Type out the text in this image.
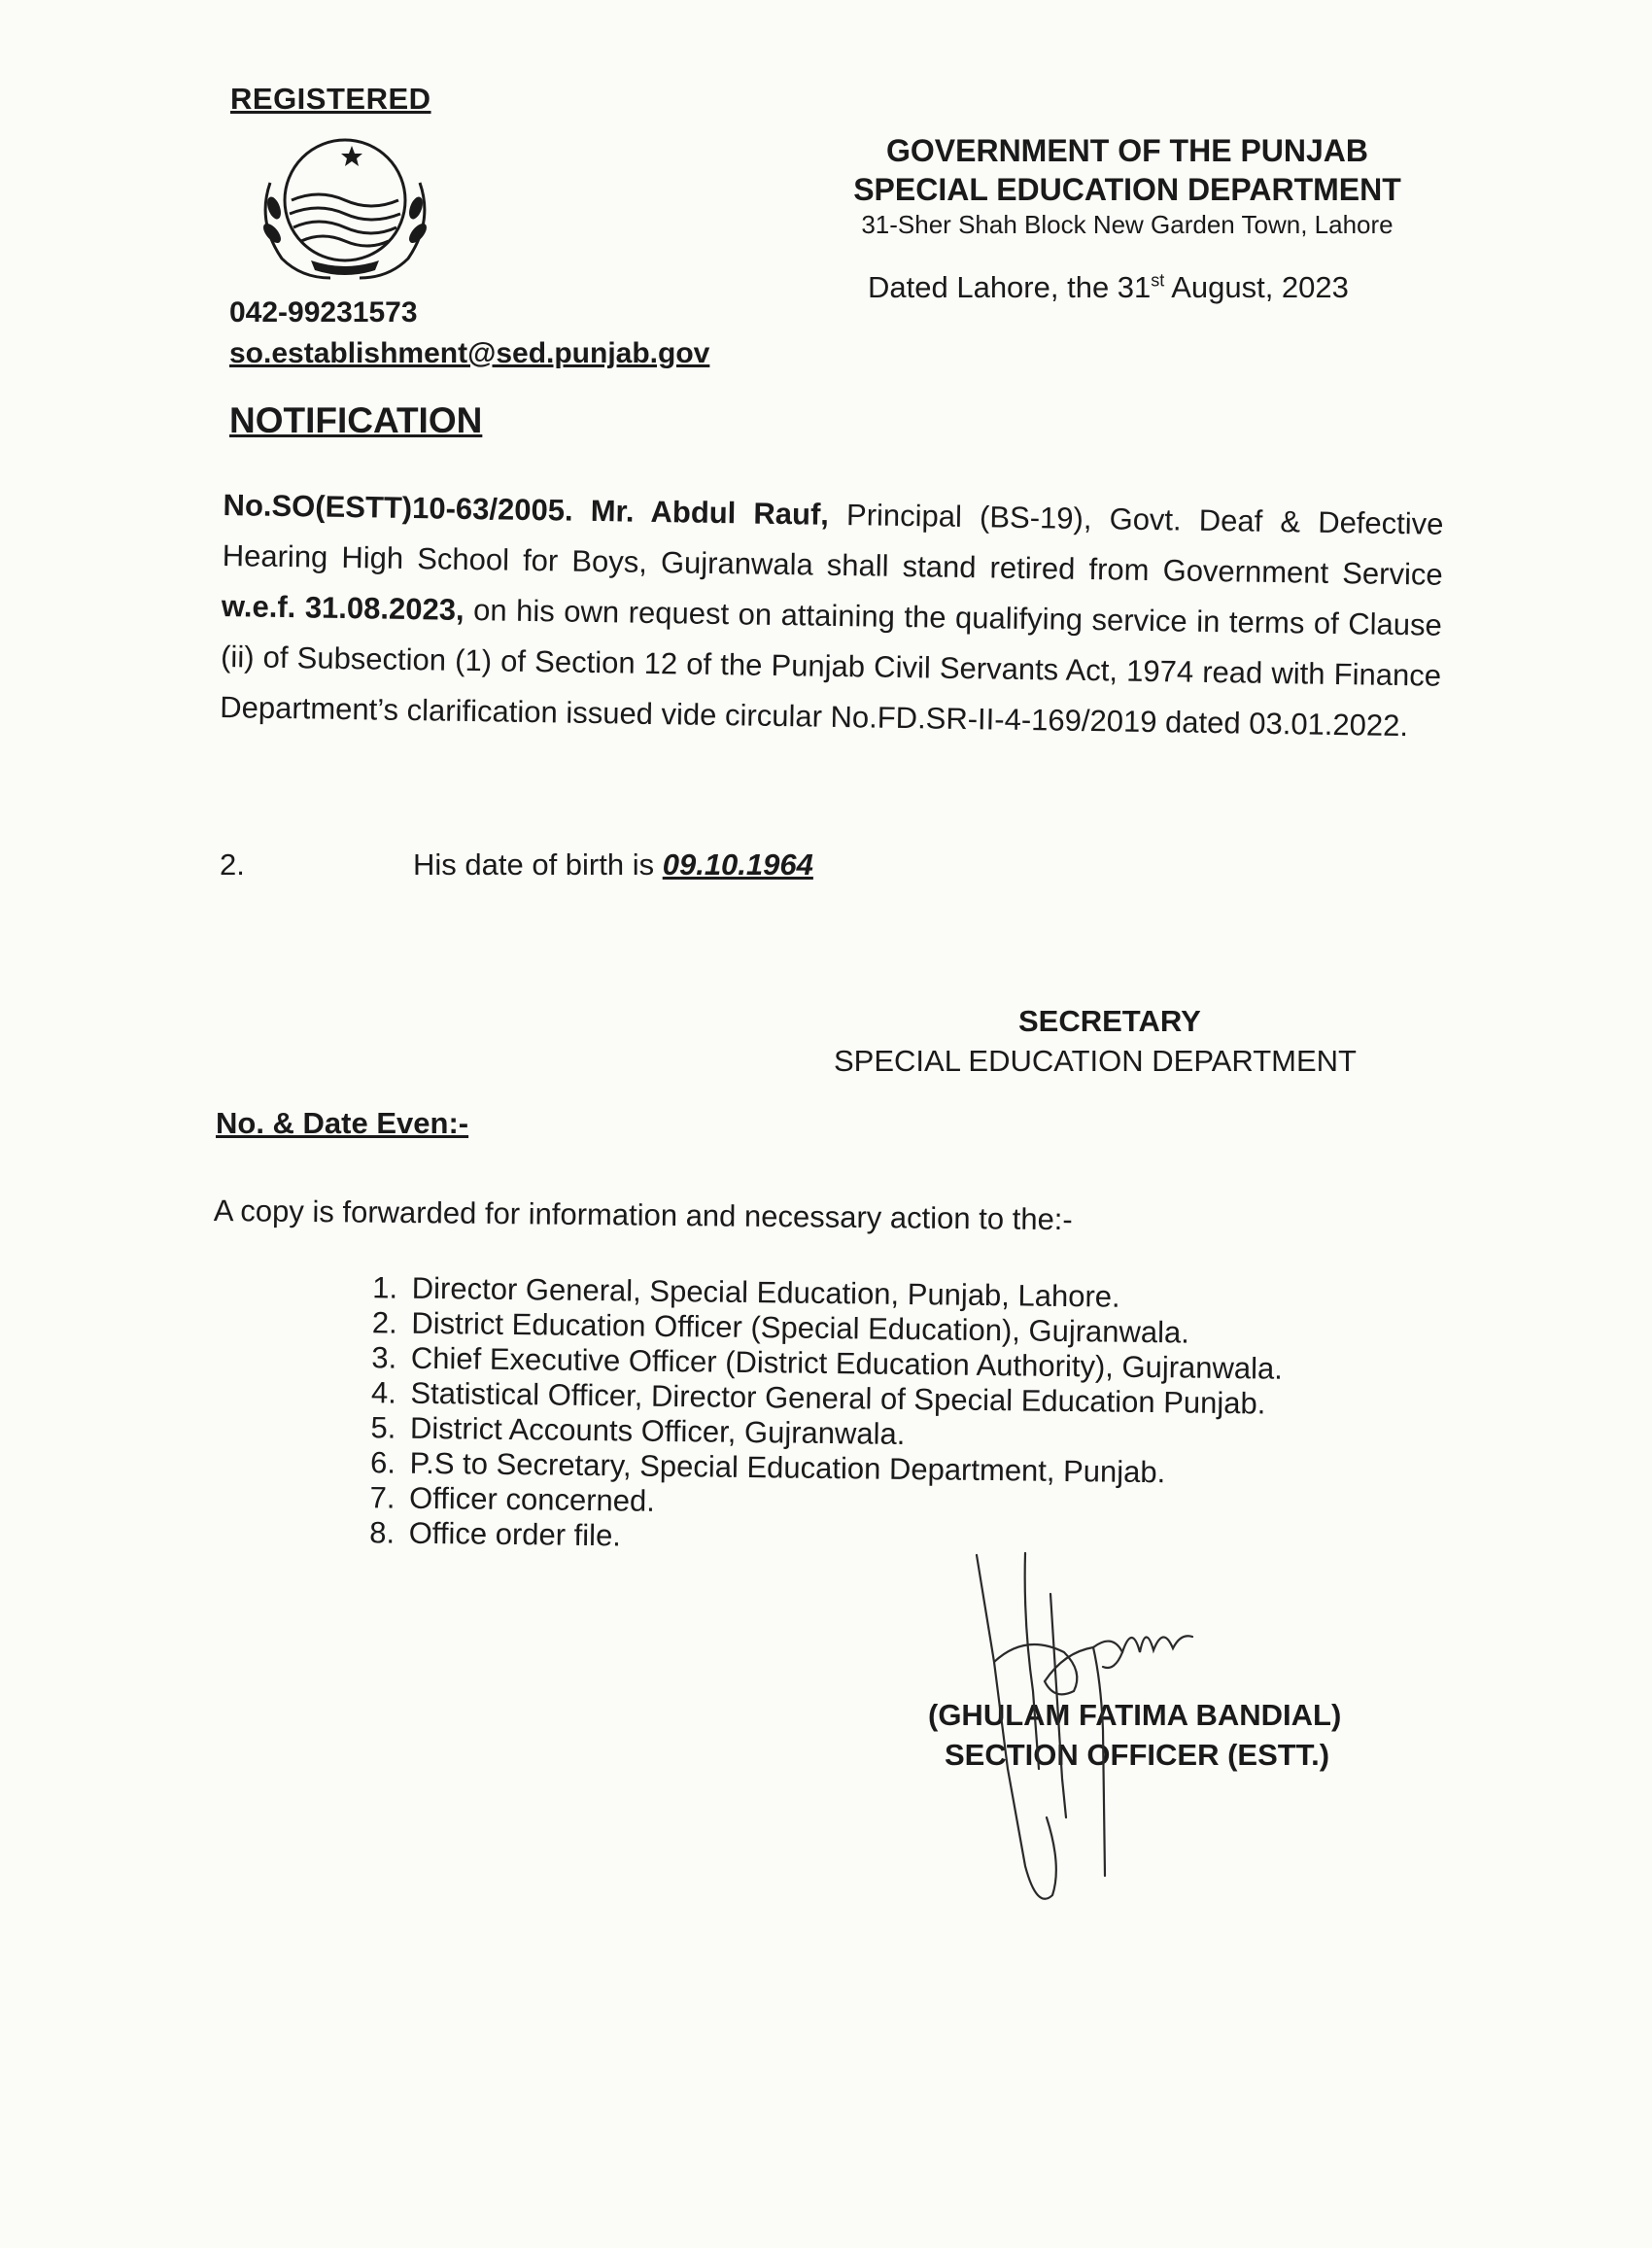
REGISTERED
042-99231573
so.establishment@sed.punjab.gov
GOVERNMENT OF THE PUNJAB
SPECIAL EDUCATION DEPARTMENT
31-Sher Shah Block New Garden Town, Lahore
Dated Lahore, the 31st August, 2023
NOTIFICATION
No.SO(ESTT)10-63/2005. Mr. Abdul Rauf, Principal (BS-19), Govt. Deaf & Defective Hearing High School for Boys, Gujranwala shall stand retired from Government Service w.e.f. 31.08.2023, on his own request on attaining the qualifying service in terms of Clause (ii) of Subsection (1) of Section 12 of the Punjab Civil Servants Act, 1974 read with Finance Department’s clarification issued vide circular No.FD.SR-II-4-169/2019 dated 03.01.2022.
2.	His date of birth is 09.10.1964
SECRETARY
SPECIAL EDUCATION DEPARTMENT
No. & Date Even:-
A copy is forwarded for information and necessary action to the:-
1. Director General, Special Education, Punjab, Lahore.
2. District Education Officer (Special Education), Gujranwala.
3. Chief Executive Officer (District Education Authority), Gujranwala.
4. Statistical Officer, Director General of Special Education Punjab.
5. District Accounts Officer, Gujranwala.
6. P.S to Secretary, Special Education Department, Punjab.
7. Officer concerned.
8. Office order file.
(GHULAM FATIMA BANDIAL)
SECTION OFFICER (ESTT.)
